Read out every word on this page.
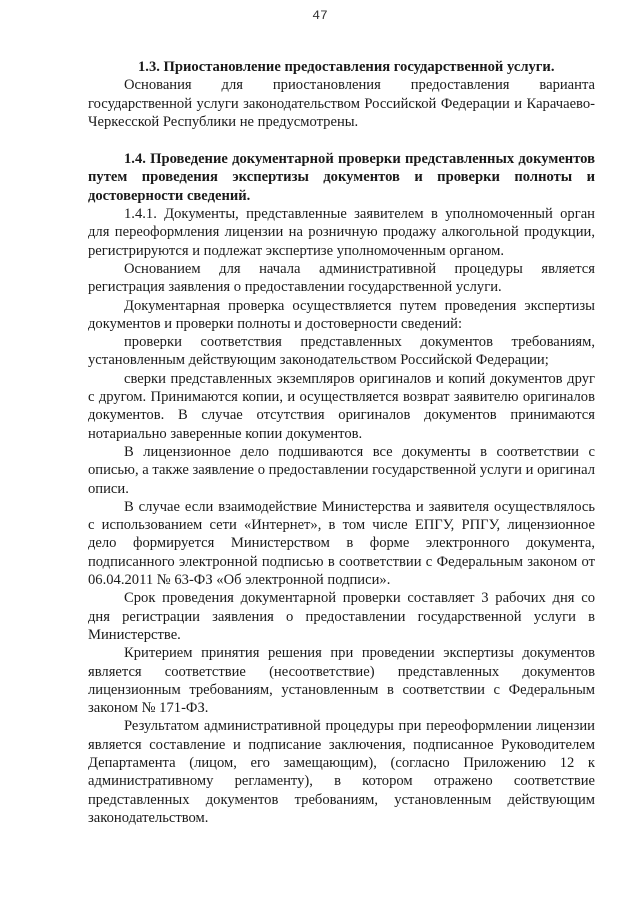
47
1.3. Приостановление предоставления государственной услуги.

Основания для приостановления предоставления варианта государственной услуги законодательством Российской Федерации и Карачаево-Черкесской Республики не предусмотрены.

1.4. Проведение документарной проверки представленных документов путем проведения экспертизы документов и проверки полноты и достоверности сведений.

1.4.1. Документы, представленные заявителем в уполномоченный орган для переоформления лицензии на розничную продажу алкогольной продукции, регистрируются и подлежат экспертизе уполномоченным органом.

Основанием для начала административной процедуры является регистрация заявления о предоставлении государственной услуги.

Документарная проверка осуществляется путем проведения экспертизы документов и проверки полноты и достоверности сведений:

проверки соответствия представленных документов требованиям, установленным действующим законодательством Российской Федерации;

сверки представленных экземпляров оригиналов и копий документов друг с другом. Принимаются копии, и осуществляется возврат заявителю оригиналов документов. В случае отсутствия оригиналов документов принимаются нотариально заверенные копии документов.

В лицензионное дело подшиваются все документы в соответствии с описью, а также заявление о предоставлении государственной услуги и оригинал описи.

В случае если взаимодействие Министерства и заявителя осуществлялось с использованием сети «Интернет», в том числе ЕПГУ, РПГУ, лицензионное дело формируется Министерством в форме электронного документа, подписанного электронной подписью в соответствии с Федеральным законом от 06.04.2011 № 63-ФЗ «Об электронной подписи».

Срок проведения документарной проверки составляет 3 рабочих дня со дня регистрации заявления о предоставлении государственной услуги в Министерстве.

Критерием принятия решения при проведении экспертизы документов является соответствие (несоответствие) представленных документов лицензионным требованиям, установленным в соответствии с Федеральным законом № 171-ФЗ.

Результатом административной процедуры при переоформлении лицензии является составление и подписание заключения, подписанное Руководителем Департамента (лицом, его замещающим), (согласно Приложению 12 к административному регламенту), в котором отражено соответствие представленных документов требованиям, установленным действующим законодательством.
